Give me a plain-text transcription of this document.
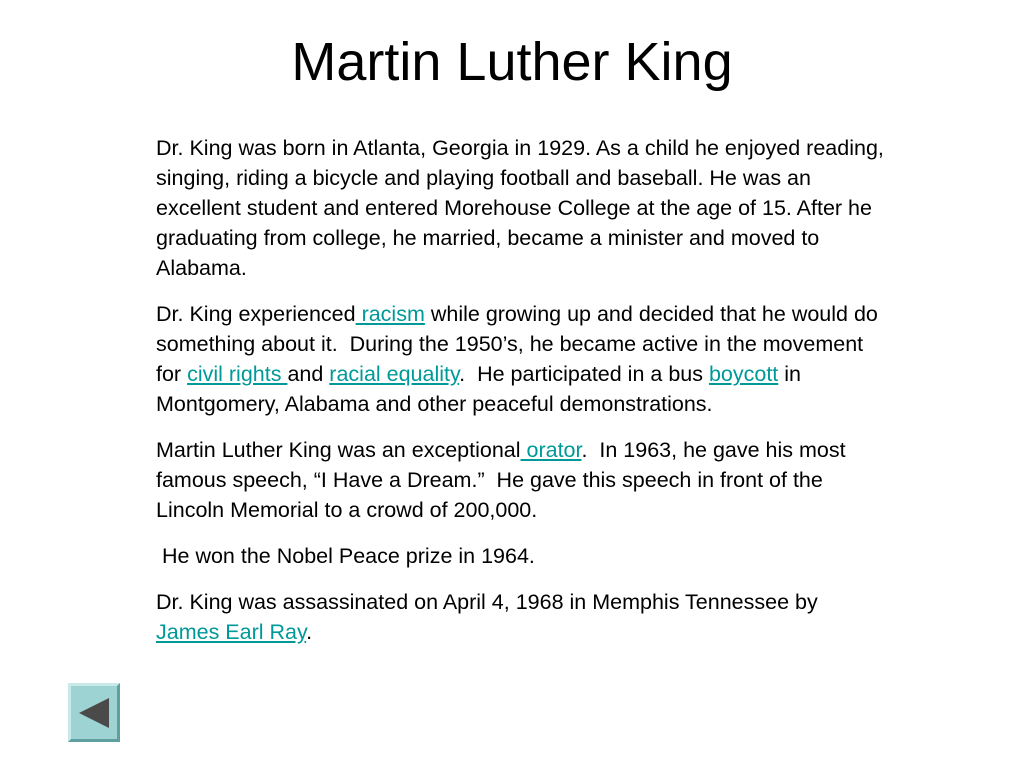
Martin Luther King

Dr. King was born in Atlanta, Georgia in 1929. As a child he enjoyed reading, singing, riding a bicycle and playing football and baseball. He was an excellent student and entered Morehouse College at the age of 15. After he graduating from college, he married, became a minister and moved to Alabama.

Dr. King experienced racism while growing up and decided that he would do something about it.  During the 1950’s, he became active in the movement for civil rights and racial equality.  He participated in a bus boycott in Montgomery, Alabama and other peaceful demonstrations.

Martin Luther King was an exceptional orator.  In 1963, he gave his most famous speech, “I Have a Dream.”  He gave this speech in front of the Lincoln Memorial to a crowd of 200,000.

He won the Nobel Peace prize in 1964.

Dr. King was assassinated on April 4, 1968 in Memphis Tennessee by  James Earl Ray.
